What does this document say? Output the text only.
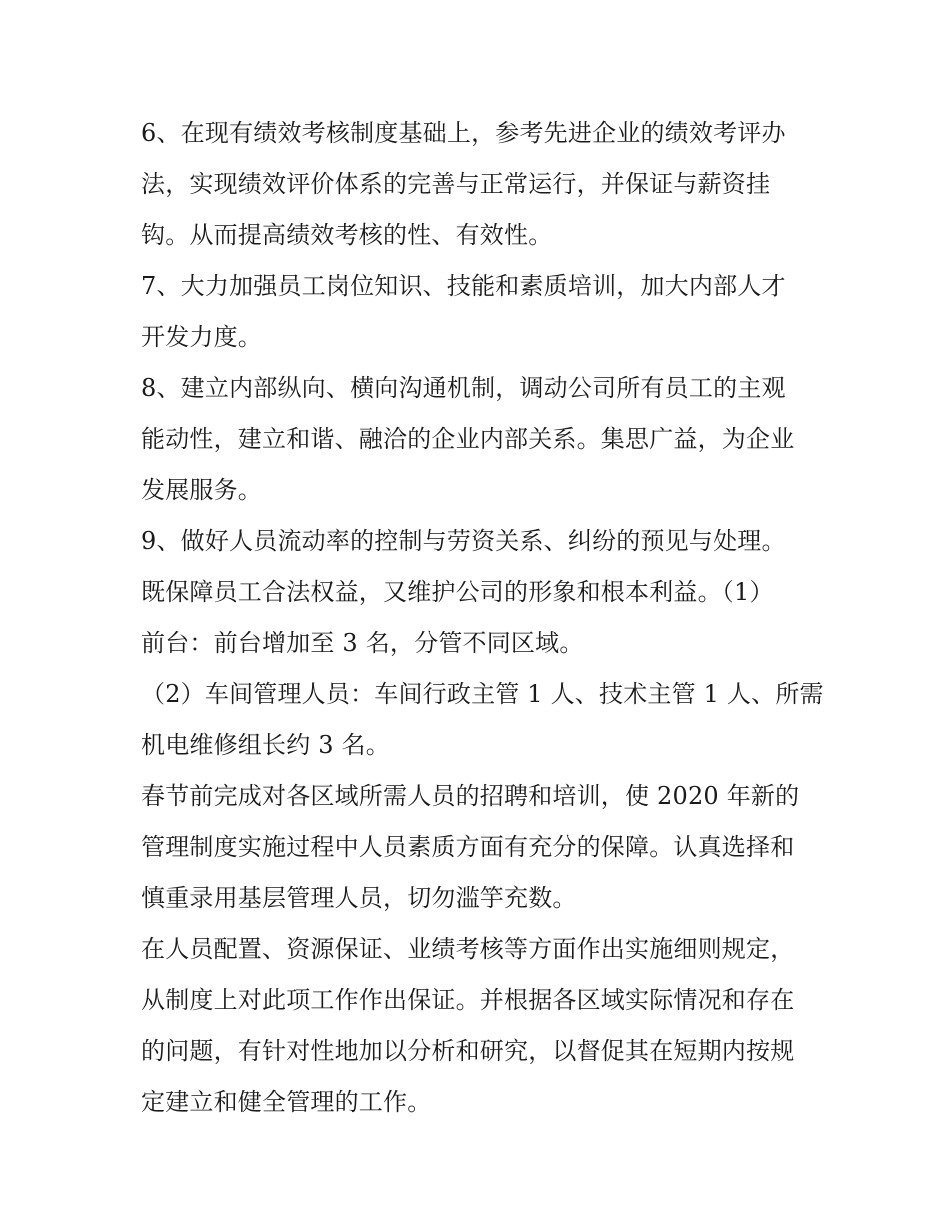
6、在现有绩效考核制度基础上，参考先进企业的绩效考评办
法，实现绩效评价体系的完善与正常运行，并保证与薪资挂
钩。从而提高绩效考核的性、有效性。
7、大力加强员工岗位知识、技能和素质培训，加大内部人才
开发力度。
8、建立内部纵向、横向沟通机制，调动公司所有员工的主观
能动性，建立和谐、融洽的企业内部关系。集思广益，为企业
发展服务。
9、做好人员流动率的控制与劳资关系、纠纷的预见与处理。
既保障员工合法权益，又维护公司的形象和根本利益。（1）
前台：前台增加至 3 名，分管不同区域。
（2）车间管理人员：车间行政主管 1 人、技术主管 1 人、所需
机电维修组长约 3 名。
春节前完成对各区域所需人员的招聘和培训，使 2020 年新的
管理制度实施过程中人员素质方面有充分的保障。认真选择和
慎重录用基层管理人员，切勿滥竽充数。
在人员配置、资源保证、业绩考核等方面作出实施细则规定，
从制度上对此项工作作出保证。并根据各区域实际情况和存在
的问题，有针对性地加以分析和研究，以督促其在短期内按规
定建立和健全管理的工作。
